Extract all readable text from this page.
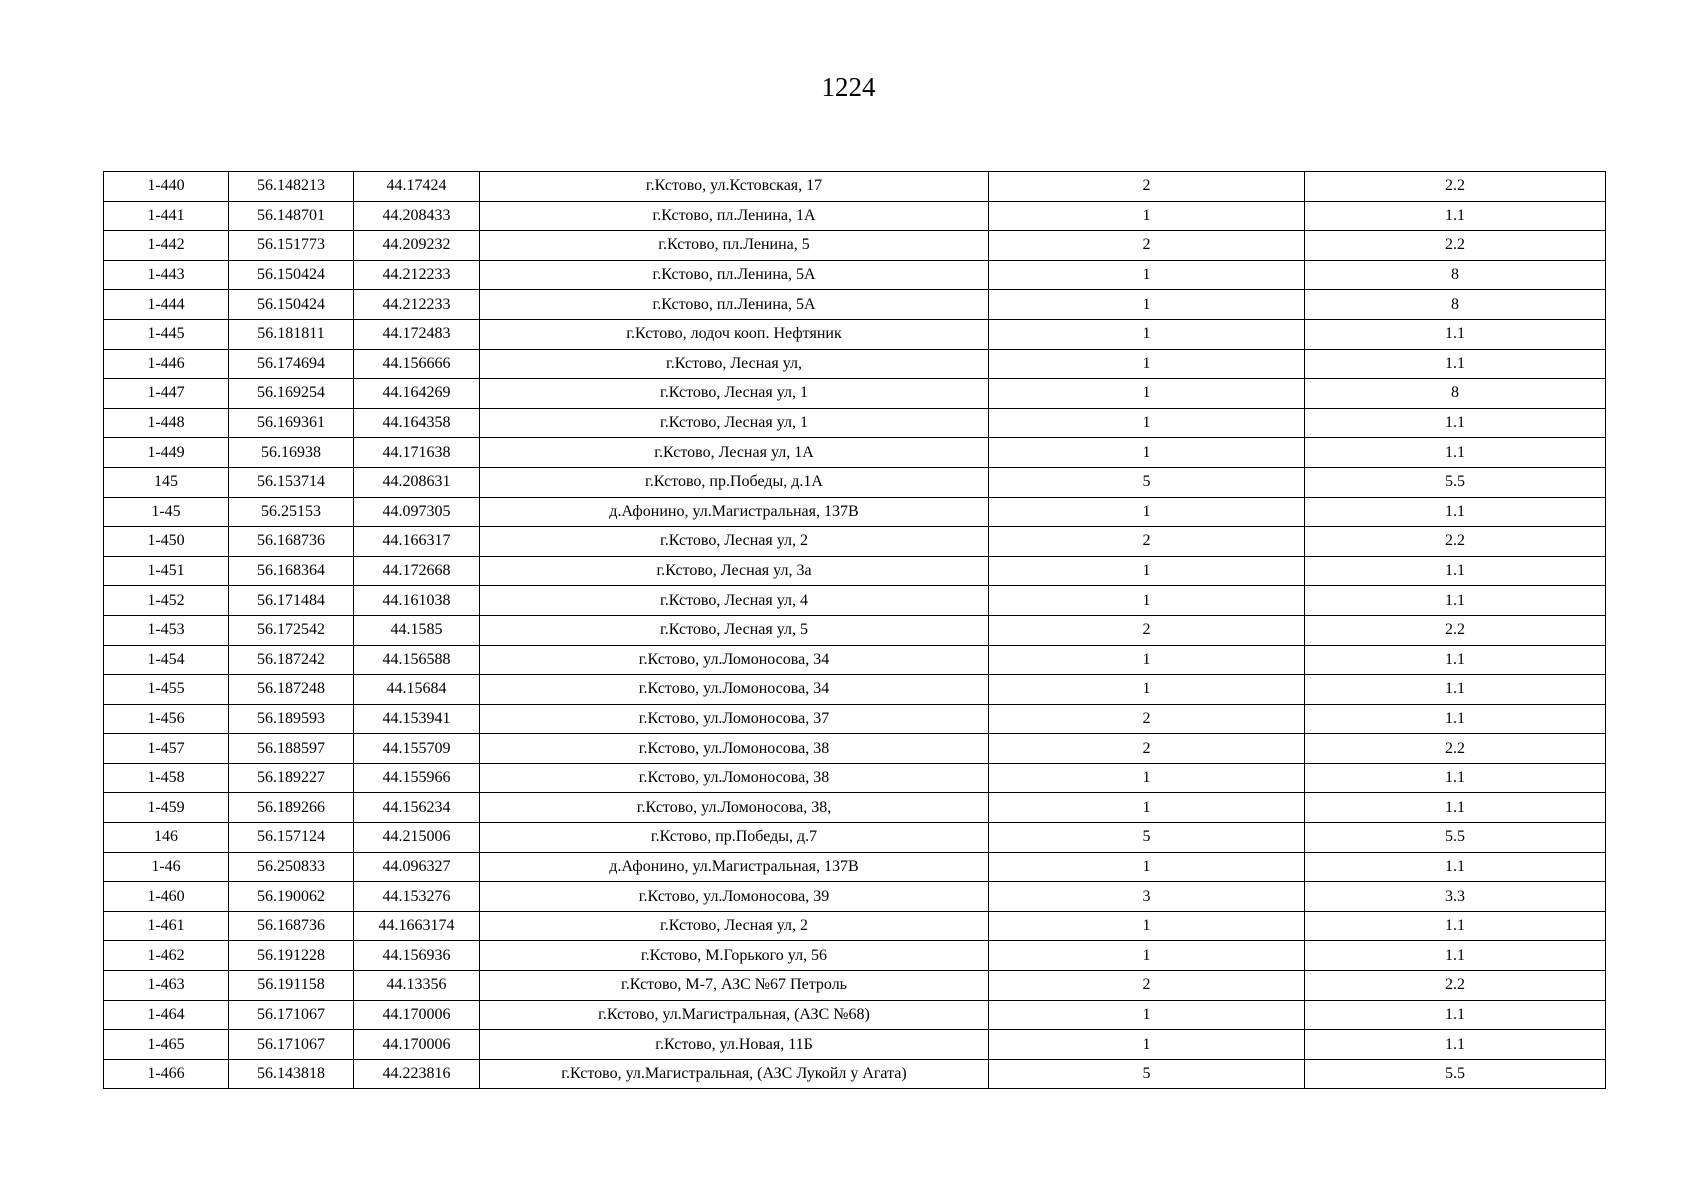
1224
1-440	56.148213	44.17424	г.Кстово, ул.Кстовская, 17	2	2.2
1-441	56.148701	44.208433	г.Кстово, пл.Ленина, 1А	1	1.1
1-442	56.151773	44.209232	г.Кстово, пл.Ленина, 5	2	2.2
1-443	56.150424	44.212233	г.Кстово, пл.Ленина, 5А	1	8
1-444	56.150424	44.212233	г.Кстово, пл.Ленина, 5А	1	8
1-445	56.181811	44.172483	г.Кстово, лодоч кооп. Нефтяник	1	1.1
1-446	56.174694	44.156666	г.Кстово, Лесная ул,	1	1.1
1-447	56.169254	44.164269	г.Кстово, Лесная ул, 1	1	8
1-448	56.169361	44.164358	г.Кстово, Лесная ул, 1	1	1.1
1-449	56.16938	44.171638	г.Кстово, Лесная ул, 1А	1	1.1
145	56.153714	44.208631	г.Кстово, пр.Победы, д.1А	5	5.5
1-45	56.25153	44.097305	д.Афонино, ул.Магистральная, 137В	1	1.1
1-450	56.168736	44.166317	г.Кстово, Лесная ул, 2	2	2.2
1-451	56.168364	44.172668	г.Кстово, Лесная ул, 3а	1	1.1
1-452	56.171484	44.161038	г.Кстово, Лесная ул, 4	1	1.1
1-453	56.172542	44.1585	г.Кстово, Лесная ул, 5	2	2.2
1-454	56.187242	44.156588	г.Кстово, ул.Ломоносова, 34	1	1.1
1-455	56.187248	44.15684	г.Кстово, ул.Ломоносова, 34	1	1.1
1-456	56.189593	44.153941	г.Кстово, ул.Ломоносова, 37	2	1.1
1-457	56.188597	44.155709	г.Кстово, ул.Ломоносова, 38	2	2.2
1-458	56.189227	44.155966	г.Кстово, ул.Ломоносова, 38	1	1.1
1-459	56.189266	44.156234	г.Кстово, ул.Ломоносова, 38,	1	1.1
146	56.157124	44.215006	г.Кстово, пр.Победы, д.7	5	5.5
1-46	56.250833	44.096327	д.Афонино, ул.Магистральная, 137В	1	1.1
1-460	56.190062	44.153276	г.Кстово, ул.Ломоносова, 39	3	3.3
1-461	56.168736	44.1663174	г.Кстово, Лесная ул, 2	1	1.1
1-462	56.191228	44.156936	г.Кстово, М.Горького ул, 56	1	1.1
1-463	56.191158	44.13356	г.Кстово, М-7, АЗС №67 Петроль	2	2.2
1-464	56.171067	44.170006	г.Кстово, ул.Магистральная, (АЗС №68)	1	1.1
1-465	56.171067	44.170006	г.Кстово, ул.Новая, 11Б	1	1.1
1-466	56.143818	44.223816	г.Кстово, ул.Магистральная, (АЗС Лукойл у Агата)	5	5.5
